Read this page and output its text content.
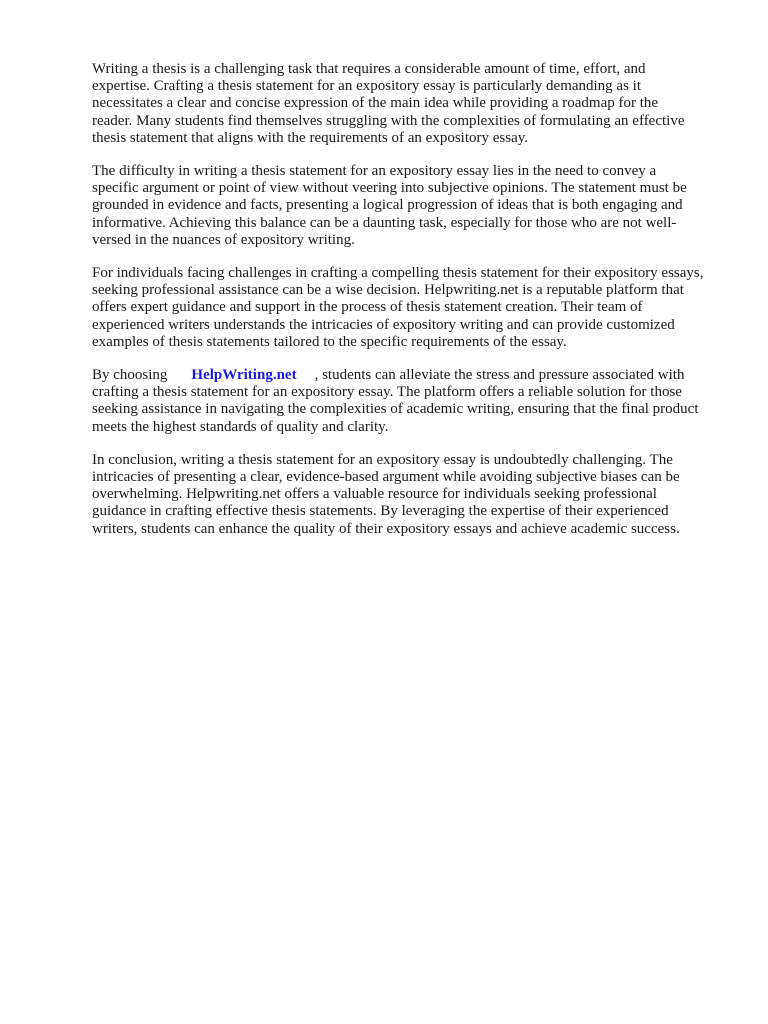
Writing a thesis is a challenging task that requires a considerable amount of time, effort, and
expertise. Crafting a thesis statement for an expository essay is particularly demanding as it
necessitates a clear and concise expression of the main idea while providing a roadmap for the
reader. Many students find themselves struggling with the complexities of formulating an effective
thesis statement that aligns with the requirements of an expository essay.

The difficulty in writing a thesis statement for an expository essay lies in the need to convey a
specific argument or point of view without veering into subjective opinions. The statement must be
grounded in evidence and facts, presenting a logical progression of ideas that is both engaging and
informative. Achieving this balance can be a daunting task, especially for those who are not well-
versed in the nuances of expository writing.

For individuals facing challenges in crafting a compelling thesis statement for their expository essays,
seeking professional assistance can be a wise decision. Helpwriting.net is a reputable platform that
offers expert guidance and support in the process of thesis statement creation. Their team of
experienced writers understands the intricacies of expository writing and can provide customized
examples of thesis statements tailored to the specific requirements of the essay.

By choosing HelpWriting.net , students can alleviate the stress and pressure associated with
crafting a thesis statement for an expository essay. The platform offers a reliable solution for those
seeking assistance in navigating the complexities of academic writing, ensuring that the final product
meets the highest standards of quality and clarity.

In conclusion, writing a thesis statement for an expository essay is undoubtedly challenging. The
intricacies of presenting a clear, evidence-based argument while avoiding subjective biases can be
overwhelming. Helpwriting.net offers a valuable resource for individuals seeking professional
guidance in crafting effective thesis statements. By leveraging the expertise of their experienced
writers, students can enhance the quality of their expository essays and achieve academic success.
